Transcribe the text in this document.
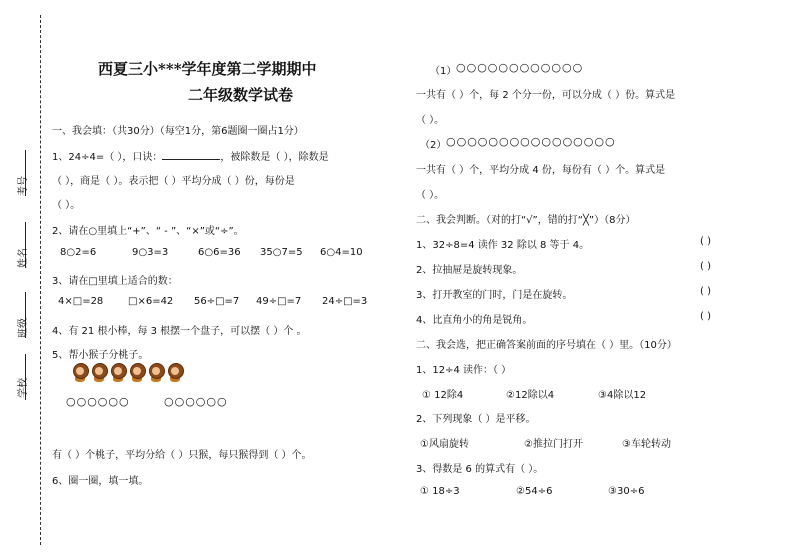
考号
姓名
班级
学校
西夏三小***学年度第二学期期中
二年级数学试卷
一、我会填：（共30分）（每空1分，第6题圈一圈占1分）
1、24÷4=（ ），口诀：	，被除数是（ ），除数是
（ ），商是（ ）。表示把（ ）平均分成（ ）份，每份是
（ ）。
2、请在○里填上“+”、“ - ”、“×”或“÷”。
8○2=6	9○3=3	6○6=36 35○7=5 6○4=10
3、请在□里填上适合的数：
4×□=28 □×6=42 56÷□=7 49÷□=7 24÷□=3
4、有 21 根小棒，每 3 根摆一个盘子，可以摆（ ）个 。
5、帮小猴子分桃子。
○○○○○○	○○○○○○
有（ ）个桃子，平均分给（ ）只猴，每只猴得到（ ）个。
6、圈一圈，填一填。
（1） ○○○○○○○○○○○○
一共有（ ）个，每 2 个分一份，可以分成（ ）份。算式是
（ ）。
（2） ○○○○○○○○○○○○○○○○
一共有（ ）个，平均分成 4 份，每份有（ ）个。算式是
（ ）。
二、我会判断。（对的打“√”，错的打“╳”）（8分）
1、32÷8=4 读作 32 除以 8 等于 4。	( )
2、拉抽屉是旋转现象。	( )
3、打开教室的门时，门是在旋转。	( )
4、比直角小的角是锐角。	( )
二、我会选，把正确答案前面的序号填在（ ）里。（10分）
1、12÷4 读作：（ ）
① 12除4	②12除以4	③4除以12
2、下列现象（ ）是平移。
①风扇旋转	②推拉门打开	③车轮转动
3、得数是 6 的算式有（ ）。
① 18÷3	②54÷6	③30÷6
